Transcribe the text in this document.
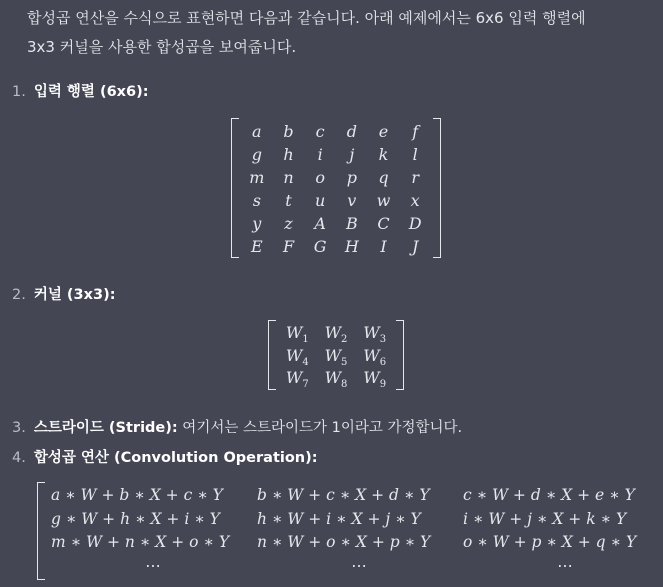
합성곱 연산을 수식으로 표현하면 다음과 같습니다. 아래 예제에서는 6x6 입력 행렬에

3x3 커널을 사용한 합성곱을 보여줍니다.

1. 입력 행렬 (6x6):
a	b	c	d	e	f
g	h	i	j	k	l
m	n	o	p	q	r
s	t	u	v	w	x
y	z	A	B	C	D
E	F	G	H	I	J
2. 커널 (3x3):
$W_1$ $W_2$ $W_3$
$W_4$ $W_5$ $W_6$
$W_7$ $W_8$ $W_9$
3. 스트라이드 (Stride): 여기서는 스트라이드가 1이라고 가정합니다.
4. 합성곱 연산 (Convolution Operation):
a ∗ W + b ∗ X + c ∗ Y	b ∗ W + c ∗ X + d ∗ Y	c ∗ W + d ∗ X + e ∗ Y
g ∗ W + h ∗ X + i ∗ Y	h ∗ W + i ∗ X + j ∗ Y	i ∗ W + j ∗ X + k ∗ Y
m ∗ W + n ∗ X + o ∗ Y	n ∗ W + o ∗ X + p ∗ Y	o ∗ W + p ∗ X + q ∗ Y
⋯	⋯	⋯
